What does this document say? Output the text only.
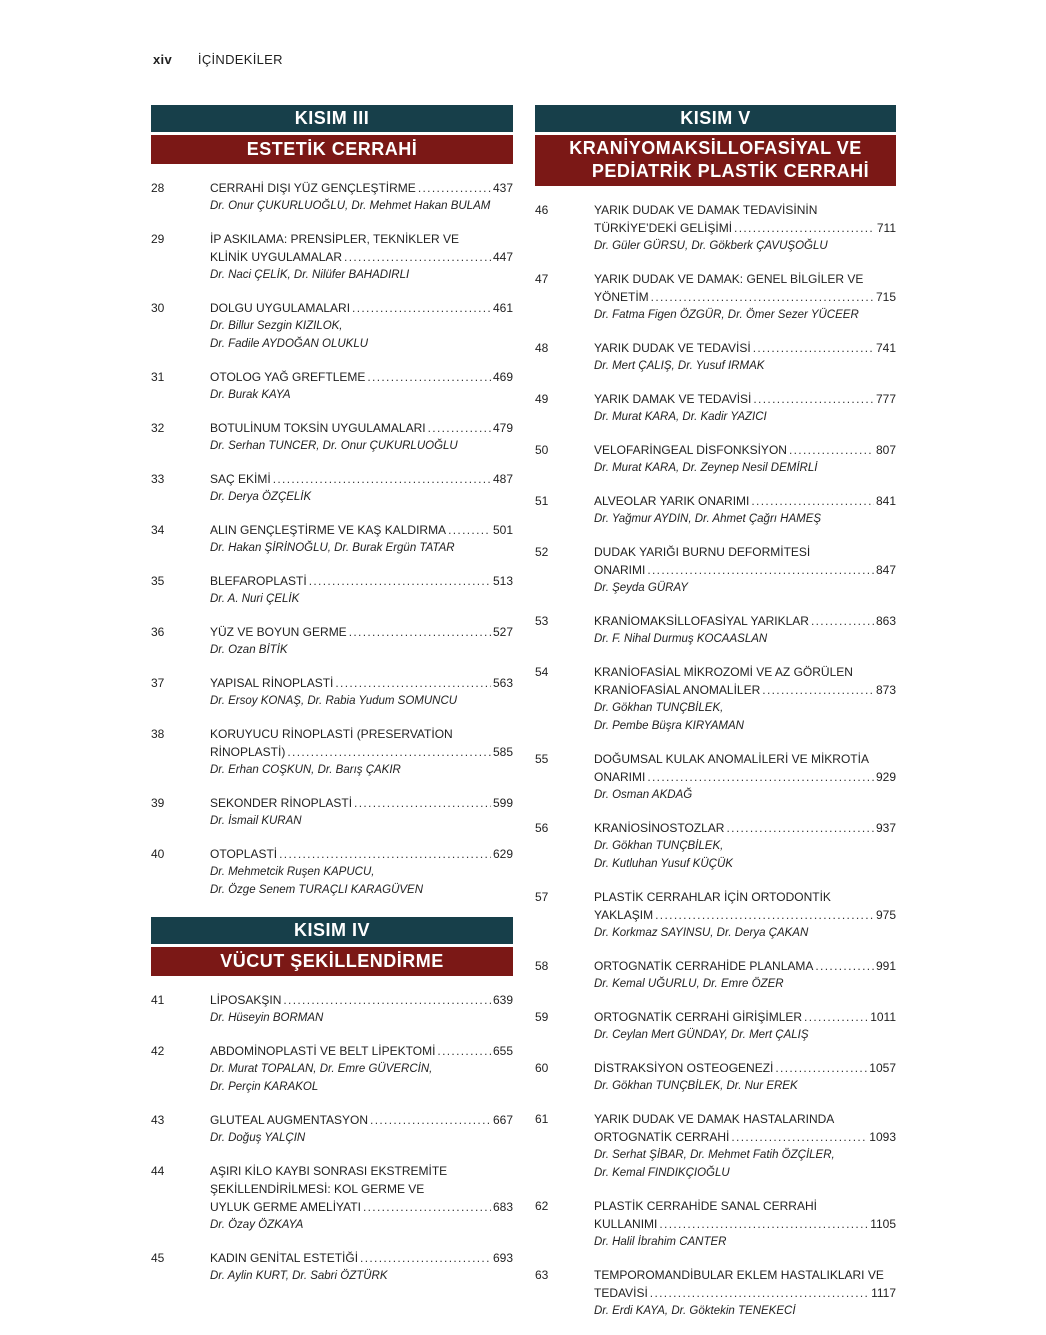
xiv İÇİNDEKİLER
KISIM III
ESTETİK CERRAHİ
28	CERRAHİ DIŞI YÜZ GENÇLEŞTİRME . . .	437
Dr. Onur ÇUKURLUOĞLU, Dr. Mehmet Hakan BULAM
29	İP ASKILAMA: PRENSİPLER, TEKNİKLER VE
KLİNİK UYGULAMALAR . . .	447
Dr. Naci ÇELİK, Dr. Nilüfer BAHADIRLI
30	DOLGU UYGULAMALARI . . .	461
Dr. Billur Sezgin KIZILOK,
Dr. Fadile AYDOĞAN OLUKLU
31	OTOLOG YAĞ GREFTLEME . . .	469
Dr. Burak KAYA
32	BOTULİNUM TOKSİN UYGULAMALARI . . .	479
Dr. Serhan TUNCER, Dr. Onur ÇUKURLUOĞLU
33	SAÇ EKİMİ . . .	487
Dr. Derya ÖZÇELİK
34	ALIN GENÇLEŞTİRME VE KAŞ KALDIRMA . . .	501
Dr. Hakan ŞİRİNOĞLU, Dr. Burak Ergün TATAR
35	BLEFAROPLASTİ . . .	513
Dr. A. Nuri ÇELİK
36	YÜZ VE BOYUN GERME . . .	527
Dr. Ozan BİTİK
37	YAPISAL RİNOPLASTİ . . .	563
Dr. Ersoy KONAŞ, Dr. Rabia Yudum SOMUNCU
38	KORUYUCU RİNOPLASTİ (PRESERVATİON
RİNOPLASTİ) . . .	585
Dr. Erhan COŞKUN, Dr. Barış ÇAKIR
39	SEKONDER RİNOPLASTİ . . .	599
Dr. İsmail KURAN
40	OTOPLASTİ . . .	629
Dr. Mehmetcik Ruşen KAPUCU,
Dr. Özge Senem TURAÇLI KARAGÜVEN
KISIM IV
VÜCUT ŞEKİLLENDİRME
41	LİPOSAKŞIN . . .	639
Dr. Hüseyin BORMAN
42	ABDOMİNOPLASTİ VE BELT LİPEKTOMİ . . .	655
Dr. Murat TOPALAN, Dr. Emre GÜVERCİN,
Dr. Perçin KARAKOL
43	GLUTEAL AUGMENTASYON . . .	667
Dr. Doğuş YALÇIN
44	AŞIRI KİLO KAYBI SONRASI EKSTREMİTE
ŞEKİLLENDİRİLMESİ: KOL GERME VE
UYLUK GERME AMELİYATI . . .	683
Dr. Özay ÖZKAYA
45	KADIN GENİTAL ESTETİĞİ . . .	693
Dr. Aylin KURT, Dr. Sabri ÖZTÜRK
KISIM V
KRANİYOMAKSİLLOFASİYAL VE
PEDİATRİK PLASTİK CERRAHİ
46	YARIK DUDAK VE DAMAK TEDAVİSİNİN
TÜRKİYE’DEKİ GELİŞİMİ . . .	711
Dr. Güler GÜRSU, Dr. Gökberk ÇAVUŞOĞLU
47	YARIK DUDAK VE DAMAK: GENEL BİLGİLER VE
YÖNETİM . . .	715
Dr. Fatma Figen ÖZGÜR, Dr. Ömer Sezer YÜCEER
48	YARIK DUDAK VE TEDAVİSİ . . .	741
Dr. Mert ÇALIŞ, Dr. Yusuf IRMAK
49	YARIK DAMAK VE TEDAVİSİ . . .	777
Dr. Murat KARA, Dr. Kadir YAZICI
50	VELOFARİNGEAL DİSFONKSİYON . . .	807
Dr. Murat KARA, Dr. Zeynep Nesil DEMİRLİ
51	ALVEOLAR YARIK ONARIMI . . .	841
Dr. Yağmur AYDIN, Dr. Ahmet Çağrı HAMEŞ
52	DUDAK YARIĞI BURNU DEFORMİTESİ
ONARIMI . . .	847
Dr. Şeyda GÜRAY
53	KRANİOMAKSİLLOFASİYAL YARIKLAR . . .	863
Dr. F. Nihal Durmuş KOCAASLAN
54	KRANİOFASİAL MİKROZOMİ VE AZ GÖRÜLEN
KRANİOFASİAL ANOMALİLER . . .	873
Dr. Gökhan TUNÇBİLEK,
Dr. Pembe Büşra KIRYAMAN
55	DOĞUMSAL KULAK ANOMALİLERİ VE MİKROTİA
ONARIMI . . .	929
Dr. Osman AKDAĞ
56	KRANİOSİNOSTOZLAR . . .	937
Dr. Gökhan TUNÇBİLEK,
Dr. Kutluhan Yusuf KÜÇÜK
57	PLASTİK CERRAHLAR İÇİN ORTODONTİK
YAKLAŞIM . . .	975
Dr. Korkmaz SAYINSU, Dr. Derya ÇAKAN
58	ORTOGNATİK CERRAHİDE PLANLAMA . . .	991
Dr. Kemal UĞURLU, Dr. Emre ÖZER
59	ORTOGNATİK CERRAHİ GİRİŞİMLER . . .	1011
Dr. Ceylan Mert GÜNDAY, Dr. Mert ÇALIŞ
60	DİSTRAKSİYON OSTEOGENEZİ . . .	1057
Dr. Gökhan TUNÇBİLEK, Dr. Nur EREK
61	YARIK DUDAK VE DAMAK HASTALARINDA
ORTOGNATİK CERRAHİ . . .	1093
Dr. Serhat ŞİBAR, Dr. Mehmet Fatih ÖZÇİLER,
Dr. Kemal FINDIKÇIOĞLU
62	PLASTİK CERRAHİDE SANAL CERRAHİ
KULLANIMI . . .	1105
Dr. Halil İbrahim CANTER
63	TEMPOROMANDİBULAR EKLEM HASTALIKLARI VE
TEDAVİSİ . . .	1117
Dr. Erdi KAYA, Dr. Göktekin TENEKECİ
